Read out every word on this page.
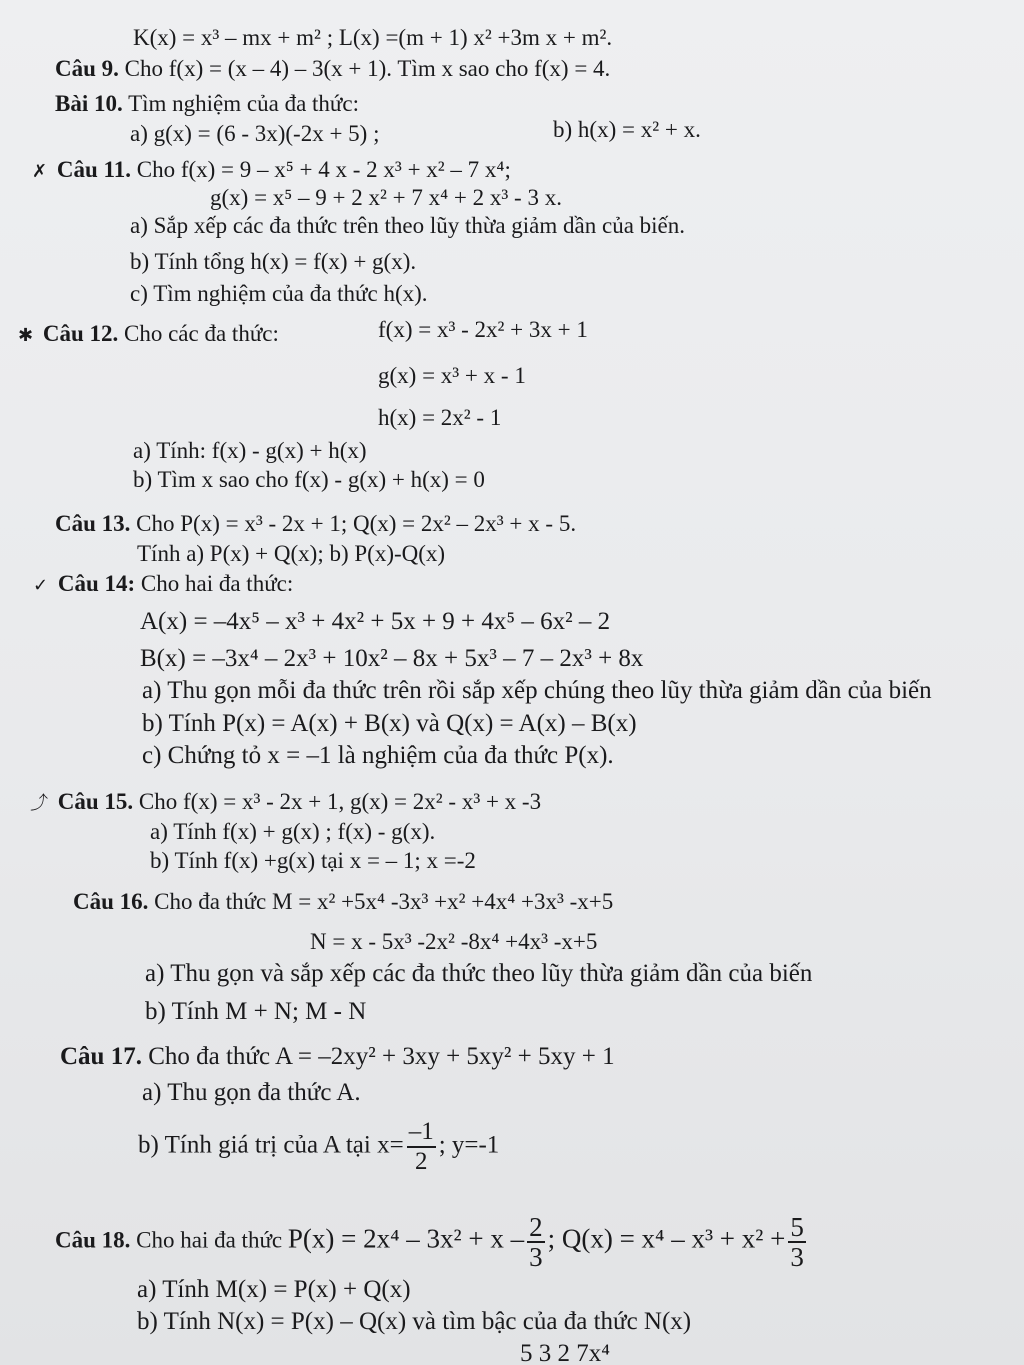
K(x) = x³ – mx + m² ; L(x) =(m + 1) x² +3m x + m².
Câu 9. Cho f(x) = (x – 4) – 3(x + 1). Tìm x sao cho f(x) = 4.
Bài 10. Tìm nghiệm của đa thức:
a) g(x) = (6 - 3x)(-2x + 5) ;	b) h(x) = x² + x.
✗ Câu 11. Cho f(x) = 9 – x⁵ + 4 x - 2 x³ + x² – 7 x⁴;
g(x) = x⁵ – 9 + 2 x² + 7 x⁴ + 2 x³ - 3 x.
a) Sắp xếp các đa thức trên theo lũy thừa giảm dần của biến.
b) Tính tổng h(x) = f(x) + g(x).
c) Tìm nghiệm của đa thức h(x).
✱ Câu 12. Cho các đa thức:	f(x) = x³ - 2x² + 3x + 1
g(x) = x³ + x - 1
h(x) = 2x² - 1
a) Tính: f(x) - g(x) + h(x)
b) Tìm x sao cho f(x) - g(x) + h(x) = 0
Câu 13. Cho P(x) = x³ - 2x + 1; Q(x) = 2x² – 2x³ + x - 5.
Tính a) P(x) + Q(x); b) P(x)-Q(x)
✓ Câu 14: Cho hai đa thức:
A(x) = –4x⁵ – x³ + 4x² + 5x + 9 + 4x⁵ – 6x² – 2
B(x) = –3x⁴ – 2x³ + 10x² – 8x + 5x³ – 7 – 2x³ + 8x
a) Thu gọn mỗi đa thức trên rồi sắp xếp chúng theo lũy thừa giảm dần của biến
b) Tính P(x) = A(x) + B(x) và Q(x) = A(x) – B(x)
c) Chứng tỏ x = –1 là nghiệm của đa thức P(x).
⤴ Câu 15. Cho f(x) = x³ - 2x + 1, g(x) = 2x² - x³ + x -3
a) Tính f(x) + g(x) ; f(x) - g(x).
b) Tính f(x) +g(x) tại x = – 1; x =-2
Câu 16. Cho đa thức M = x² +5x⁴ -3x³ +x² +4x⁴ +3x³ -x+5
N = x - 5x³ -2x² -8x⁴ +4x³ -x+5
a) Thu gọn và sắp xếp các đa thức theo lũy thừa giảm dần của biến
b) Tính M + N; M - N
Câu 17. Cho đa thức A = –2xy² + 3xy + 5xy² + 5xy + 1
a) Thu gọn đa thức A.
b) Tính giá trị của A tại $x= \frac{-1}{2}$ ; y=-1
Câu 18. Cho hai đa thức $P(x) = 2x^4 - 3x^2 + x - \frac{2}{3}$ ; $Q(x) = x^4 - x^3 + x^2 + \frac{5}{3}$
a) Tính M(x) = P(x) + Q(x)
b) Tính N(x) = P(x) – Q(x) và tìm bậc của đa thức N(x)
5 3 2 7x⁴
